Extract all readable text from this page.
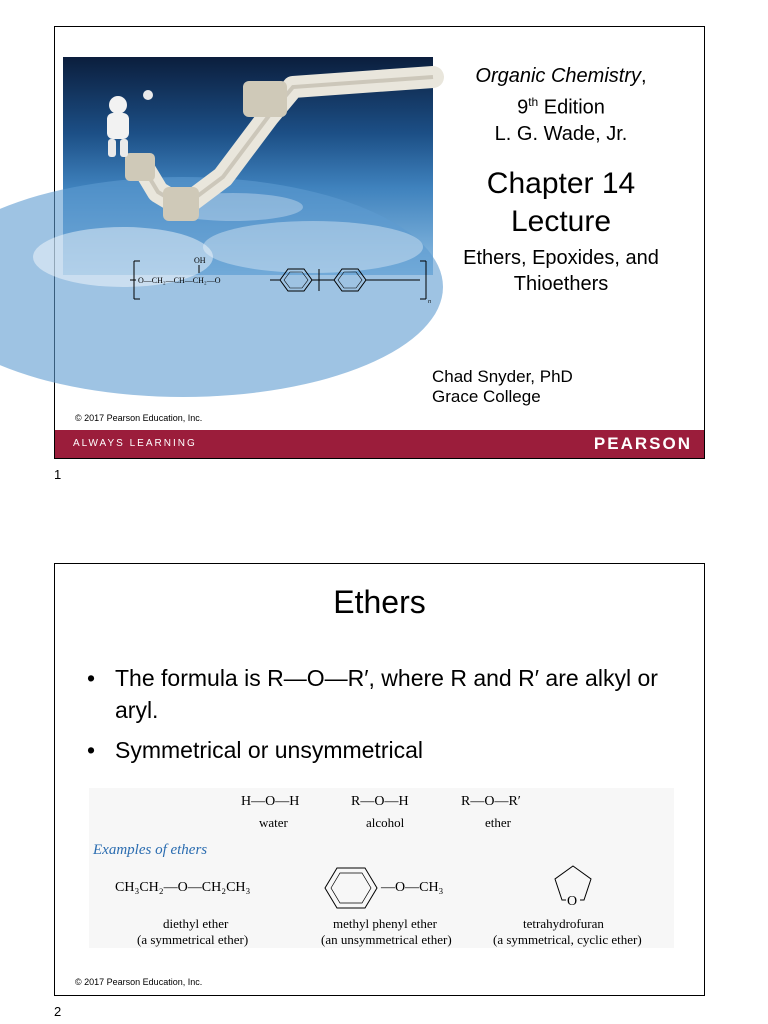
OH
O—CH₂—CH—CH₂—O
n
Organic Chemistry,
9th Edition
L. G. Wade, Jr.
Chapter 14
Lecture
Ethers, Epoxides, and
Thioethers
Chad Snyder, PhD
Grace College
© 2017 Pearson Education, Inc.
ALWAYS LEARNING	PEARSON
1
Ethers
• The formula is R—O—R′, where R and R′ are alkyl or aryl.
• Symmetrical or unsymmetrical
H—O—H
water
R—O—H
alcohol
R—O—R′
ether
Examples of ethers
CH₃CH₂—O—CH₂CH₃
diethyl ether
(a symmetrical ether)
—O—CH₃
methyl phenyl ether
(an unsymmetrical ether)
O
tetrahydrofuran
(a symmetrical, cyclic ether)
© 2017 Pearson Education, Inc.
2
